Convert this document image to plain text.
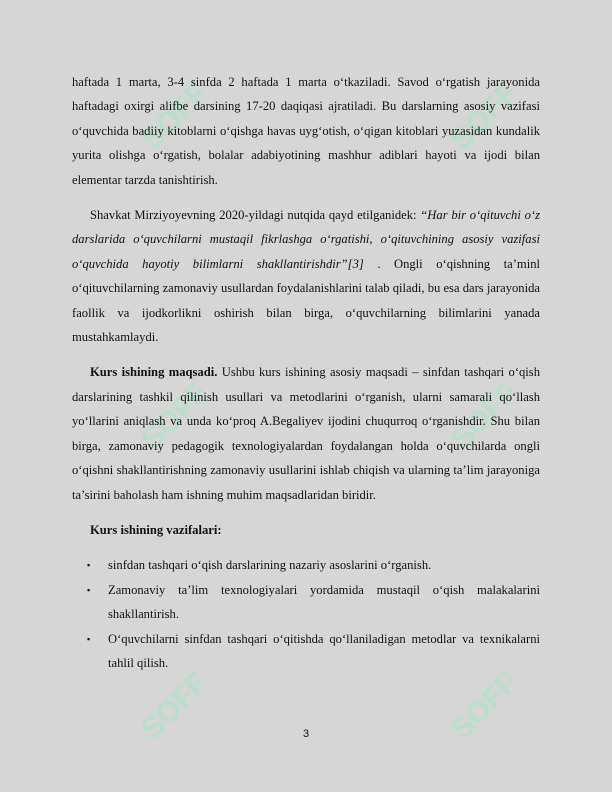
SOFF	SOFF
SOFF	SOFF
SOFF	SOFF

haftada 1 marta, 3-4 sinfda 2 haftada 1 marta o‘tkaziladi. Savod o‘rgatish jarayonida haftadagi oxirgi alifbe darsining 17-20 daqiqasi ajratiladi. Bu darslarning asosiy vazifasi o‘quvchida badiiy kitoblarni o‘qishga havas uyg‘otish, o‘qigan kitoblari yuzasidan kundalik yurita olishga o‘rgatish, bolalar adabiyotining mashhur adiblari hayoti va ijodi bilan elementar tarzda tanishtirish.

Shavkat Mirziyoyevning 2020-yildagi nutqida qayd etilganidek: “Har bir o‘qituvchi o‘z darslarida o‘quvchilarni mustaqil fikrlashga o‘rgatishi, o‘qituvchining asosiy vazifasi o‘quvchida hayotiy bilimlarni shakllantirishdir”[3] . Ongli o‘qishning ta’minl o‘qituvchilarning zamonaviy usullardan foydalanishlarini talab qiladi, bu esa dars jarayonida faollik va ijodkorlikni oshirish bilan birga, o‘quvchilarning bilimlarini yanada mustahkamlaydi.

Kurs ishining maqsadi. Ushbu kurs ishining asosiy maqsadi – sinfdan tashqari o‘qish darslarining tashkil qilinish usullari va metodlarini o‘rganish, ularni samarali qo‘llash yo‘llarini aniqlash va unda ko‘proq A.Begaliyev ijodini chuqurroq o‘rganishdir. Shu bilan birga, zamonaviy pedagogik texnologiyalardan foydalangan holda o‘quvchilarda ongli o‘qishni shakllantirishning zamonaviy usullarini ishlab chiqish va ularning ta’lim jarayoniga ta’sirini baholash ham ishning muhim maqsadlaridan biridir.

Kurs ishining vazifalari:

▪ sinfdan tashqari o‘qish darslarining nazariy asoslarini o‘rganish.
▪ Zamonaviy ta’lim texnologiyalari yordamida mustaqil o‘qish malakalarini shakllantirish.
▪ O‘quvchilarni sinfdan tashqari o‘qitishda qo‘llaniladigan metodlar va texnikalarni tahlil qilish.
3
